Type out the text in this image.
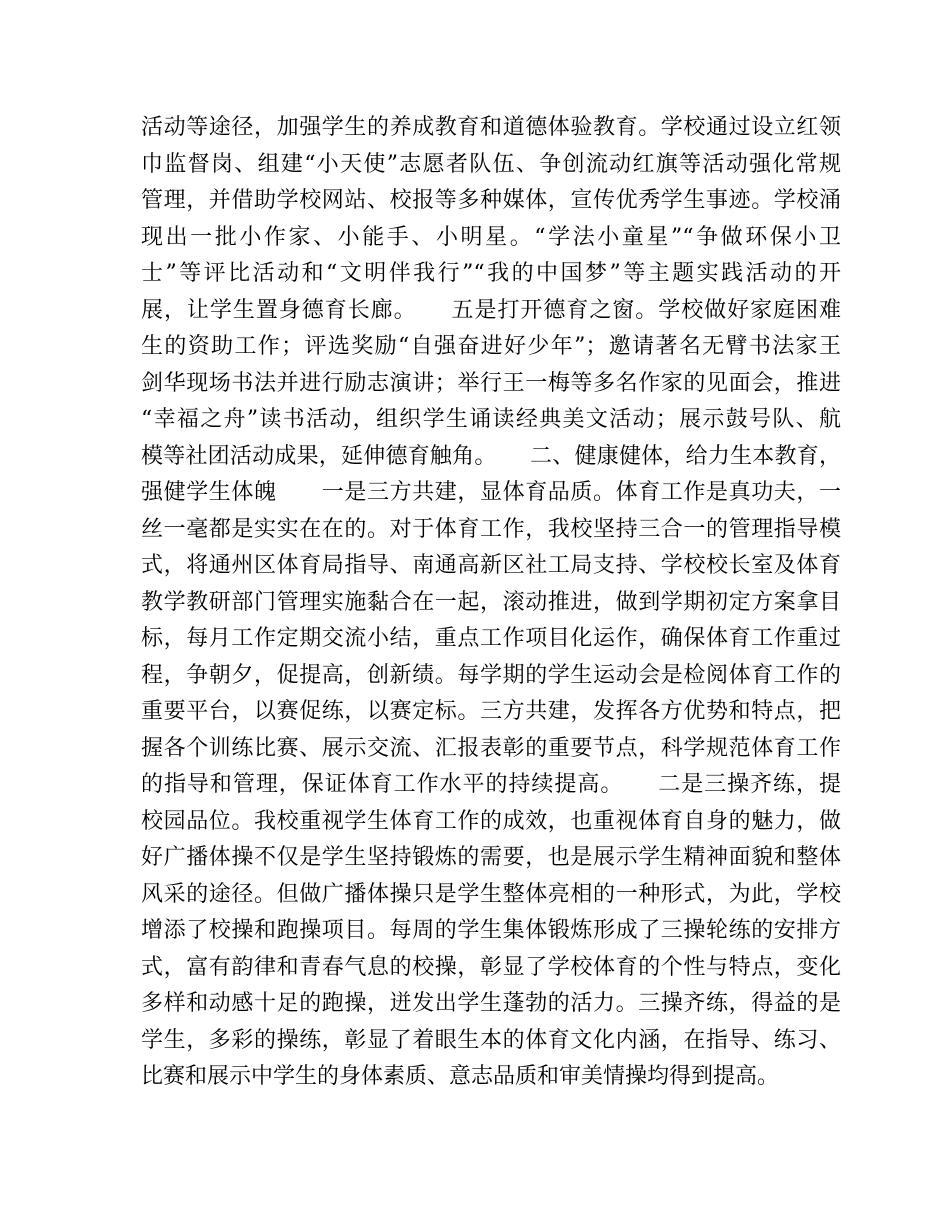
活动等途径，加强学生的养成教育和道德体验教育。学校通过设立红领
巾监督岗、组建“小天使”志愿者队伍、争创流动红旗等活动强化常规
管理，并借助学校网站、校报等多种媒体，宣传优秀学生事迹。学校涌
现出一批小作家、小能手、小明星。“学法小童星”“争做环保小卫
士”等评比活动和“文明伴我行”“我的中国梦”等主题实践活动的开
展，让学生置身德育长廊。　　五是打开德育之窗。学校做好家庭困难
生的资助工作；评选奖励“自强奋进好少年”；邀请著名无臂书法家王
剑华现场书法并进行励志演讲；举行王一梅等多名作家的见面会，推进
“幸福之舟”读书活动，组织学生诵读经典美文活动；展示鼓号队、航
模等社团活动成果，延伸德育触角。　　二、健康健体，给力生本教育，
强健学生体魄　　一是三方共建，显体育品质。体育工作是真功夫，一
丝一毫都是实实在在的。对于体育工作，我校坚持三合一的管理指导模
式，将通州区体育局指导、南通高新区社工局支持、学校校长室及体育
教学教研部门管理实施黏合在一起，滚动推进，做到学期初定方案拿目
标，每月工作定期交流小结，重点工作项目化运作，确保体育工作重过
程，争朝夕，促提高，创新绩。每学期的学生运动会是检阅体育工作的
重要平台，以赛促练，以赛定标。三方共建，发挥各方优势和特点，把
握各个训练比赛、展示交流、汇报表彰的重要节点，科学规范体育工作
的指导和管理，保证体育工作水平的持续提高。　　二是三操齐练，提
校园品位。我校重视学生体育工作的成效，也重视体育自身的魅力，做
好广播体操不仅是学生坚持锻炼的需要，也是展示学生精神面貌和整体
风采的途径。但做广播体操只是学生整体亮相的一种形式，为此，学校
增添了校操和跑操项目。每周的学生集体锻炼形成了三操轮练的安排方
式，富有韵律和青春气息的校操，彰显了学校体育的个性与特点，变化
多样和动感十足的跑操，迸发出学生蓬勃的活力。三操齐练，得益的是
学生，多彩的操练，彰显了着眼生本的体育文化内涵，在指导、练习、
比赛和展示中学生的身体素质、意志品质和审美情操均得到提高。
